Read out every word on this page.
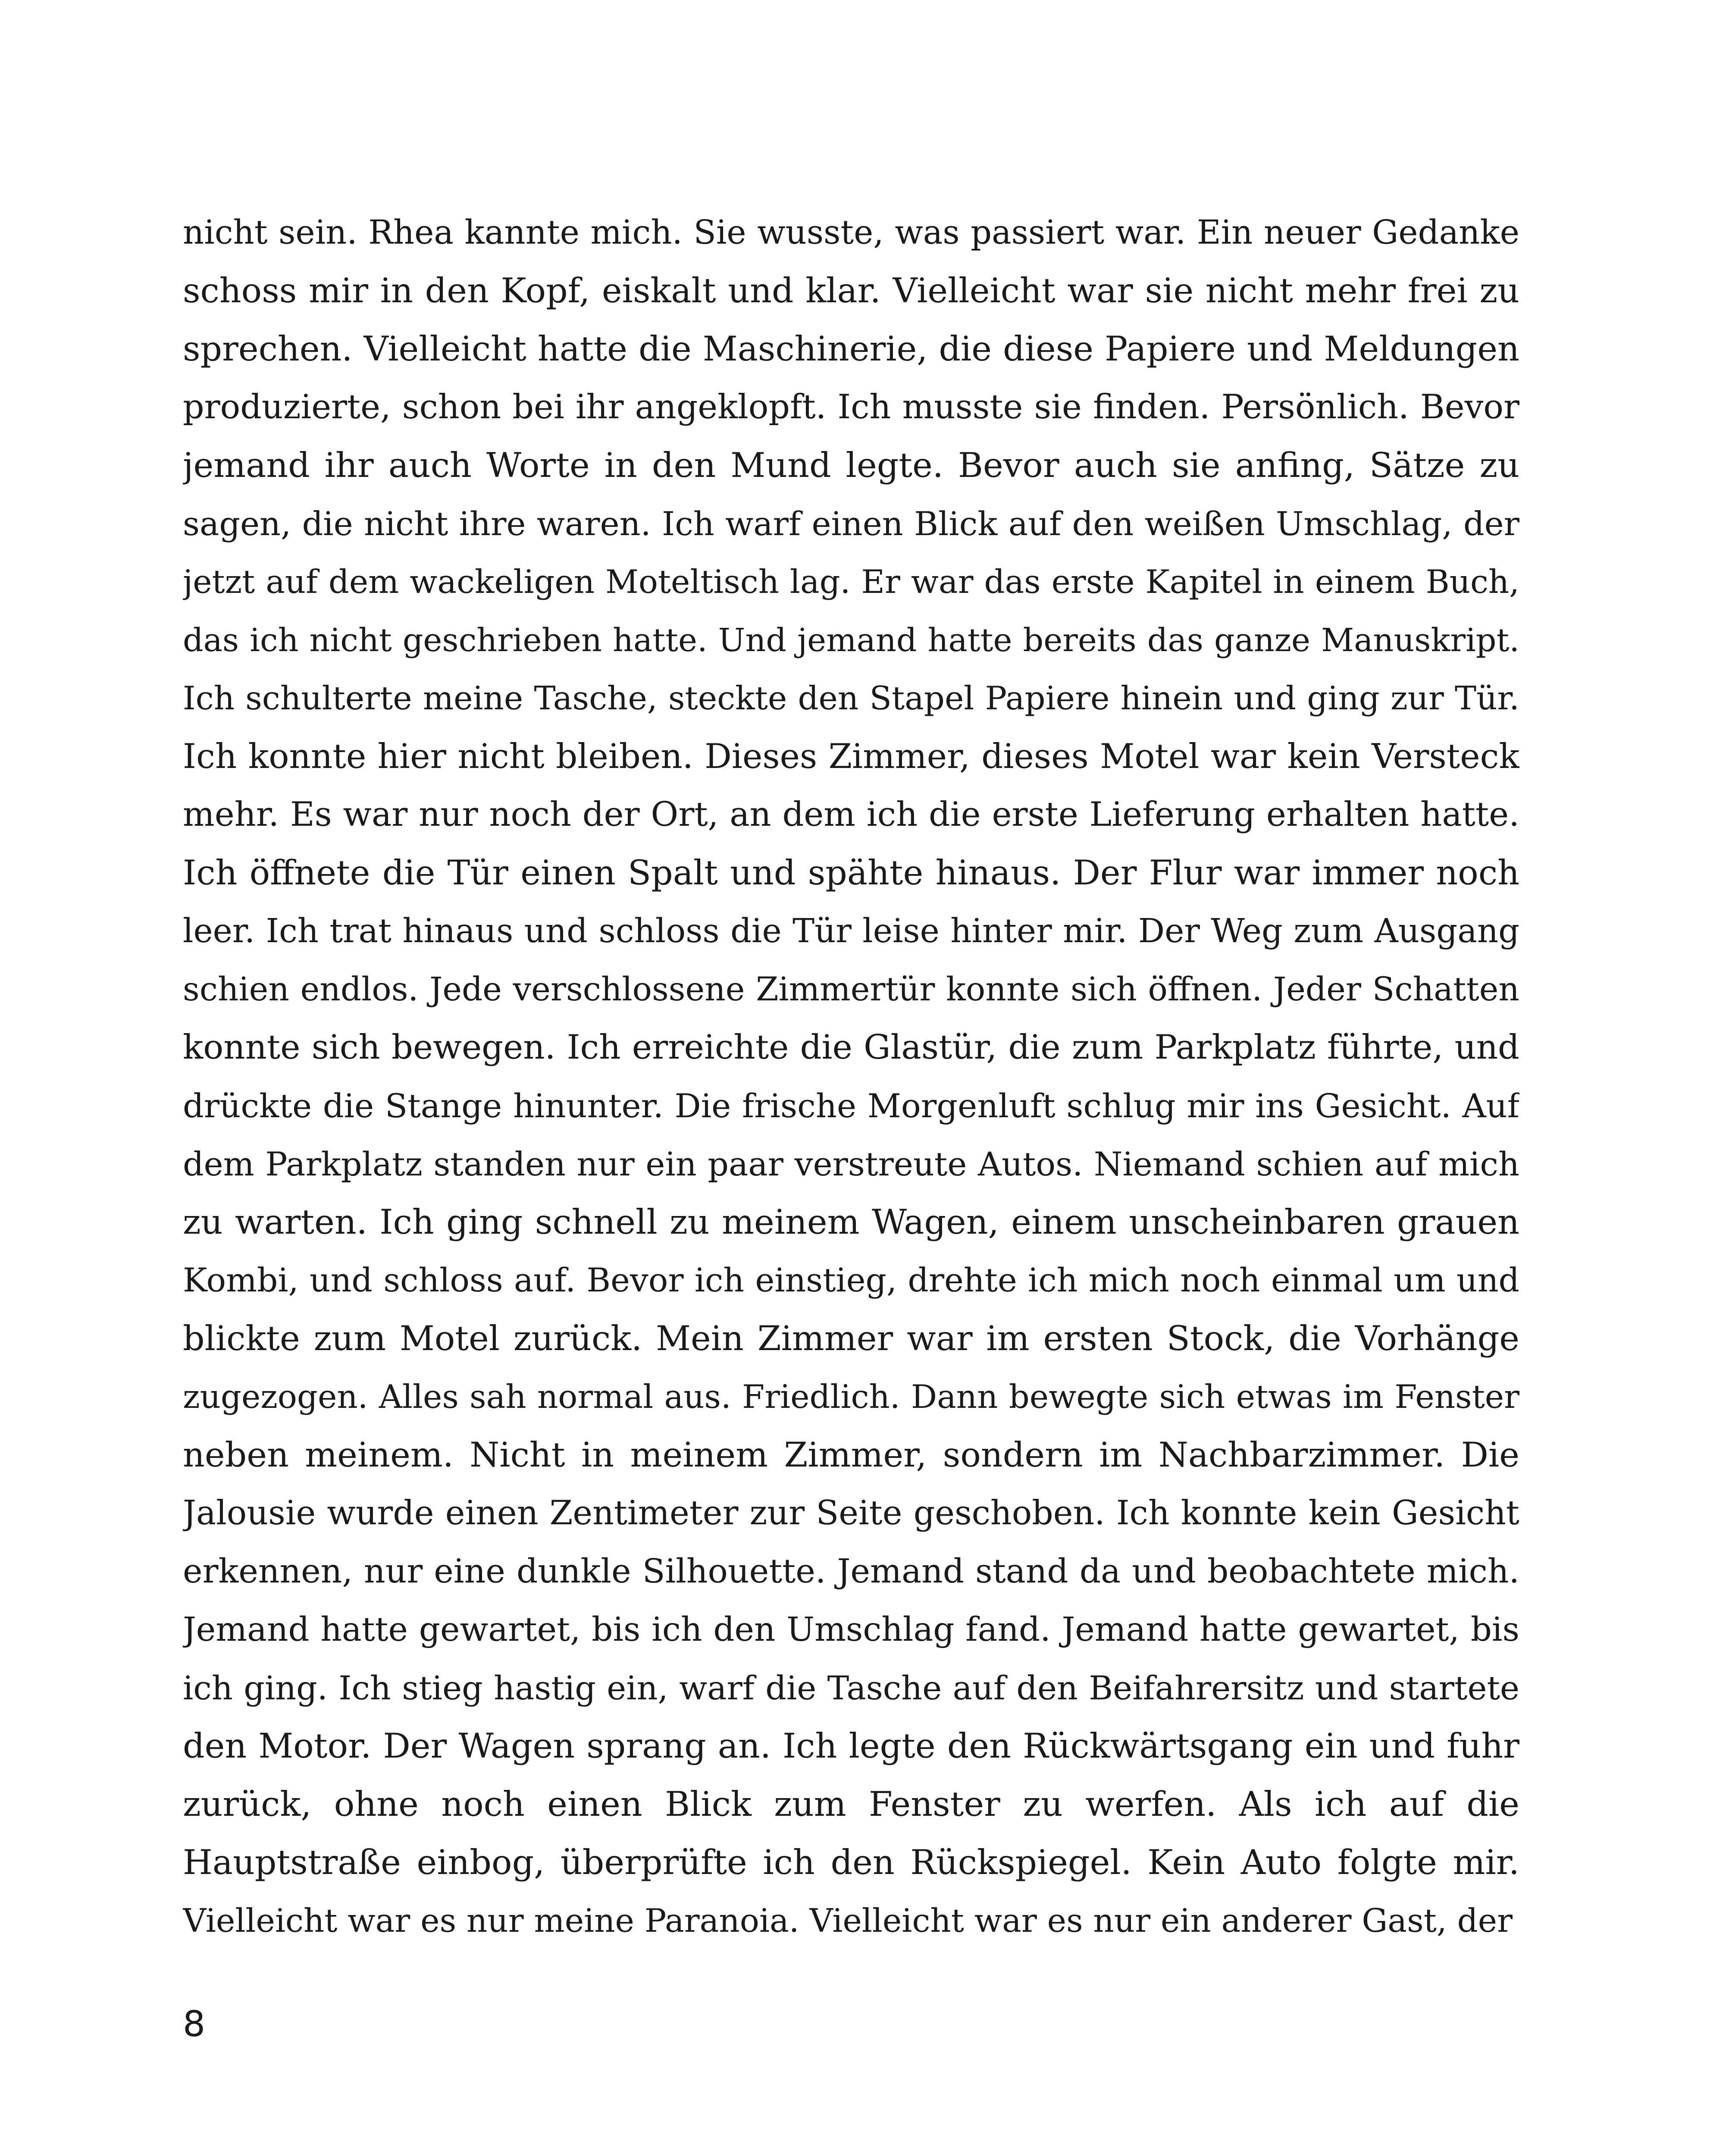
nicht sein. Rhea kannte mich. Sie wusste, was passiert war. Ein neuer Gedanke
schoss mir in den Kopf, eiskalt und klar. Vielleicht war sie nicht mehr frei zu
sprechen. Vielleicht hatte die Maschinerie, die diese Papiere und Meldungen
produzierte, schon bei ihr angeklopft. Ich musste sie finden. Persönlich. Bevor
jemand ihr auch Worte in den Mund legte. Bevor auch sie anfing, Sätze zu
sagen, die nicht ihre waren. Ich warf einen Blick auf den weißen Umschlag, der
jetzt auf dem wackeligen Moteltisch lag. Er war das erste Kapitel in einem Buch,
das ich nicht geschrieben hatte. Und jemand hatte bereits das ganze Manuskript.
Ich schulterte meine Tasche, steckte den Stapel Papiere hinein und ging zur Tür.
Ich konnte hier nicht bleiben. Dieses Zimmer, dieses Motel war kein Versteck
mehr. Es war nur noch der Ort, an dem ich die erste Lieferung erhalten hatte.
Ich öffnete die Tür einen Spalt und spähte hinaus. Der Flur war immer noch
leer. Ich trat hinaus und schloss die Tür leise hinter mir. Der Weg zum Ausgang
schien endlos. Jede verschlossene Zimmertür konnte sich öffnen. Jeder Schatten
konnte sich bewegen. Ich erreichte die Glastür, die zum Parkplatz führte, und
drückte die Stange hinunter. Die frische Morgenluft schlug mir ins Gesicht. Auf
dem Parkplatz standen nur ein paar verstreute Autos. Niemand schien auf mich
zu warten. Ich ging schnell zu meinem Wagen, einem unscheinbaren grauen
Kombi, und schloss auf. Bevor ich einstieg, drehte ich mich noch einmal um und
blickte zum Motel zurück. Mein Zimmer war im ersten Stock, die Vorhänge
zugezogen. Alles sah normal aus. Friedlich. Dann bewegte sich etwas im Fenster
neben meinem. Nicht in meinem Zimmer, sondern im Nachbarzimmer. Die
Jalousie wurde einen Zentimeter zur Seite geschoben. Ich konnte kein Gesicht
erkennen, nur eine dunkle Silhouette. Jemand stand da und beobachtete mich.
Jemand hatte gewartet, bis ich den Umschlag fand. Jemand hatte gewartet, bis
ich ging. Ich stieg hastig ein, warf die Tasche auf den Beifahrersitz und startete
den Motor. Der Wagen sprang an. Ich legte den Rückwärtsgang ein und fuhr
zurück, ohne noch einen Blick zum Fenster zu werfen. Als ich auf die
Hauptstraße einbog, überprüfte ich den Rückspiegel. Kein Auto folgte mir.
Vielleicht war es nur meine Paranoia. Vielleicht war es nur ein anderer Gast, der
8
